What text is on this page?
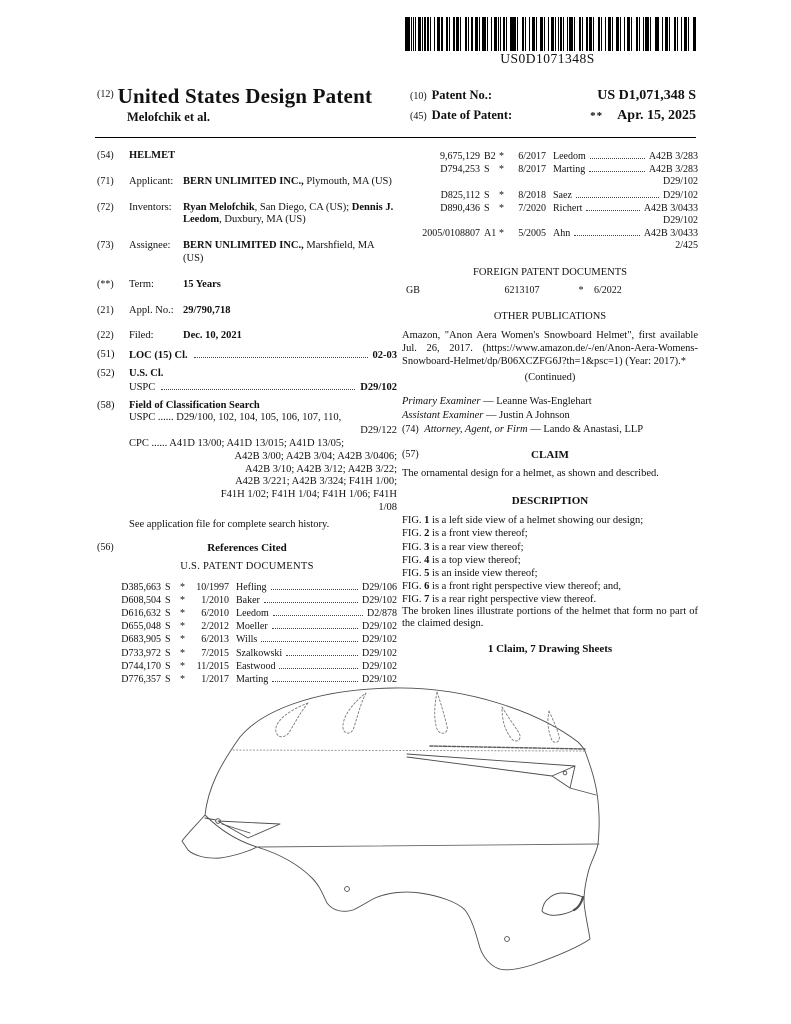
US0D1071348S
$^{(12)}$ United States Design Patent
Melofchik et al.
(10) Patent No.:	US D1,071,348 S
(45) Date of Patent:	** Apr. 15, 2025
(54)	HELMET
(71)	Applicant: BERN UNLIMITED INC., Plymouth, MA (US)
(72)	Inventors:	Ryan Melofchik, San Diego, CA (US); Dennis J. Leedom, Duxbury, MA (US)
(73)	Assignee:	BERN UNLIMITED INC., Marshfield, MA (US)
(**)	Term:	15 Years
(21)	Appl. No.: 29/790,718
(22)	Filed:	Dec. 10, 2021
(51)	LOC (15) Cl.	02-03
(52)	U.S. Cl.
USPC	D29/102
(58)	Field of Classification Search
USPC ...... D29/100, 102, 104, 105, 106, 107, 110,
D29/122
CPC ...... A41D 13/00; A41D 13/015; A41D 13/05;
A42B 3/00; A42B 3/04; A42B 3/0406;
A42B 3/10; A42B 3/12; A42B 3/22;
A42B 3/221; A42B 3/324; F41H 1/00;
F41H 1/02; F41H 1/04; F41H 1/06; F41H
1/08
See application file for complete search history.
(56)	References Cited
U.S. PATENT DOCUMENTS
D385,663 S *	10/1997 Hefling	D29/106
D608,504 S *	1/2010 Baker	D29/102
D616,632 S *	6/2010 Leedom	D2/878
D655,048 S *	2/2012 Moeller	D29/102
D683,905 S *	6/2013 Wills	D29/102
D733,972 S *	7/2015 Szalkowski	D29/102
D744,170 S *	11/2015 Eastwood	D29/102
D776,357 S *	1/2017 Marting	D29/102
9,675,129 B2 *	6/2017 Leedom	A42B 3/283
D794,253 S *	8/2017 Marting	A42B 3/283
D29/102
D825,112 S *	8/2018 Saez	D29/102
D890,436 S *	7/2020 Richert	A42B 3/0433
D29/102
2005/0108807 A1 *	5/2005 Ahn	A42B 3/0433
2/425
FOREIGN PATENT DOCUMENTS
GB	6213107	*	6/2022
OTHER PUBLICATIONS
Amazon, "Anon Aera Women's Snowboard Helmet", first available Jul. 26, 2017. (https://www.amazon.de/-/en/Anon-Aera-Womens-Snowboard-Helmet/dp/B06XCZFG6J?th=1&psc=1) (Year: 2017).*
(Continued)
Primary Examiner — Leanne Was-Englehart
Assistant Examiner — Justin A Johnson
(74) Attorney, Agent, or Firm — Lando & Anastasi, LLP
(57)	CLAIM
The ornamental design for a helmet, as shown and described.
DESCRIPTION
FIG. 1 is a left side view of a helmet showing our design;
FIG. 2 is a front view thereof;
FIG. 3 is a rear view thereof;
FIG. 4 is a top view thereof;
FIG. 5 is an inside view thereof;
FIG. 6 is a front right perspective view thereof; and,
FIG. 7 is a rear right perspective view thereof.
The broken lines illustrate portions of the helmet that form no part of the claimed design.
1 Claim, 7 Drawing Sheets
